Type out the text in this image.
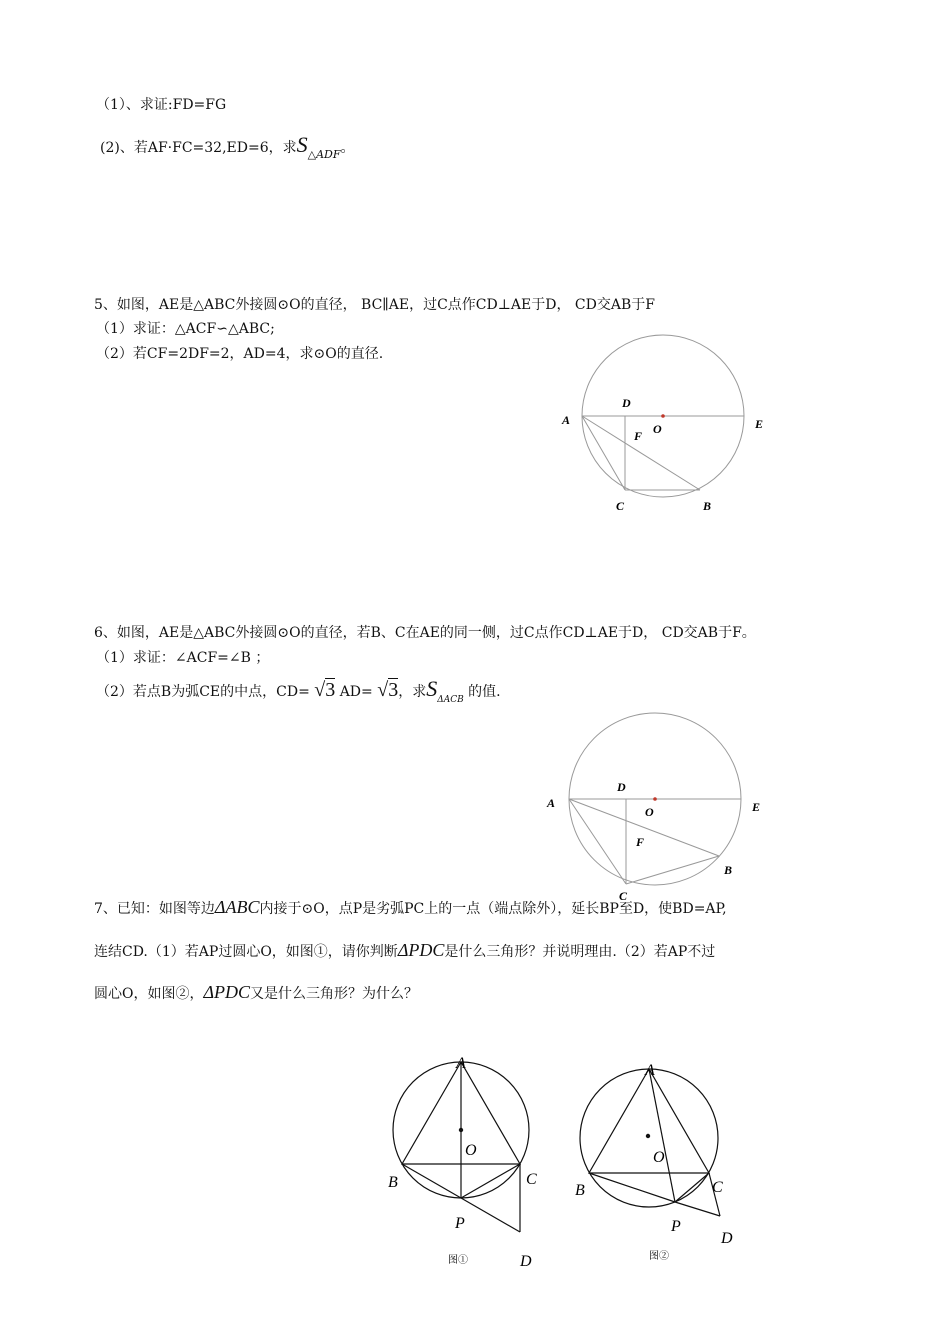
（1）、求证:FD=FG
(2)、若AF·FC=32,ED=6，求$S_{\triangle ADF}$。
5、如图，AE是△ABC外接圆⊙O的直径， BC∥AE，过C点作CD⊥AE于D， CD交AB于F
（1）求证：△ACF∽△ABC;
（2）若CF=2DF=2，AD=4，求⊙O的直径.
A
D
O	E
F
C	B
6、如图，AE是△ABC外接圆⊙O的直径，若B、C在AE的同一侧，过C点作CD⊥AE于D， CD交AB于F。
（1）求证：∠ACF=∠B ；
（2）若点B为弧CE的中点，CD= √3 AD= √3，求$S_{\Delta ACB}$ 的值.
A
D
O	E
F
C
B
7、已知：如图等边ΔABC内接于⊙O，点P是劣弧PC上的一点（端点除外），延长BP至D，使BD=AP,
连结CD.（1）若AP过圆心O，如图①，请你判断ΔPDC是什么三角形？并说明理由.（2）若AP不过
圆心O，如图②，ΔPDC又是什么三角形？为什么？
A
O
B	C
P
D
图①
A
O
B	C
P
D
图②
